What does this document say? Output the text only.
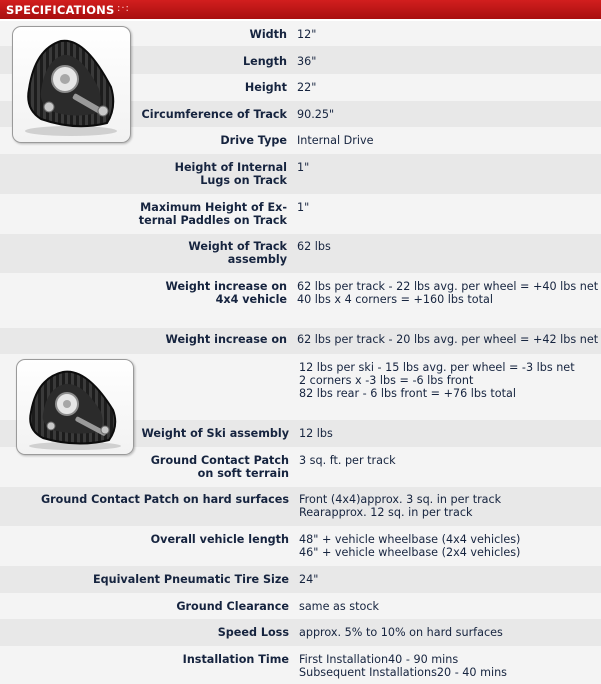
SPECIFICATIONS :·:
Width 12"
Length 36"
Height 22"
Circumference of Track 90.25"
Drive Type Internal Drive
Height of Internal
Lugs on Track
1"
Maximum Height of Ex-
ternal Paddles on Track
1"
Weight of Track
assembly
62 lbs
Weight increase on
4x4 vehicle
62 lbs per track - 22 lbs avg. per wheel = +40 lbs net
40 lbs x 4 corners = +160 lbs total
Weight increase on 62 lbs per track - 20 lbs avg. per wheel = +42 lbs net
12 lbs per ski - 15 lbs avg. per wheel = -3 lbs net
2 corners x -3 lbs = -6 lbs front
82 lbs rear - 6 lbs front = +76 lbs total
Weight of Ski assembly 12 lbs
Ground Contact Patch
on soft terrain
3 sq. ft. per track
Ground Contact Patch on hard surfaces Front (4x4)approx. 3 sq. in per track
Rearapprox. 12 sq. in per track
Overall vehicle length 48" + vehicle wheelbase (4x4 vehicles)
46" + vehicle wheelbase (2x4 vehicles)
Equivalent Pneumatic Tire Size 24"
Ground Clearance same as stock
Speed Loss approx. 5% to 10% on hard surfaces
Installation Time First Installation40 - 90 mins
Subsequent Installations20 - 40 mins
